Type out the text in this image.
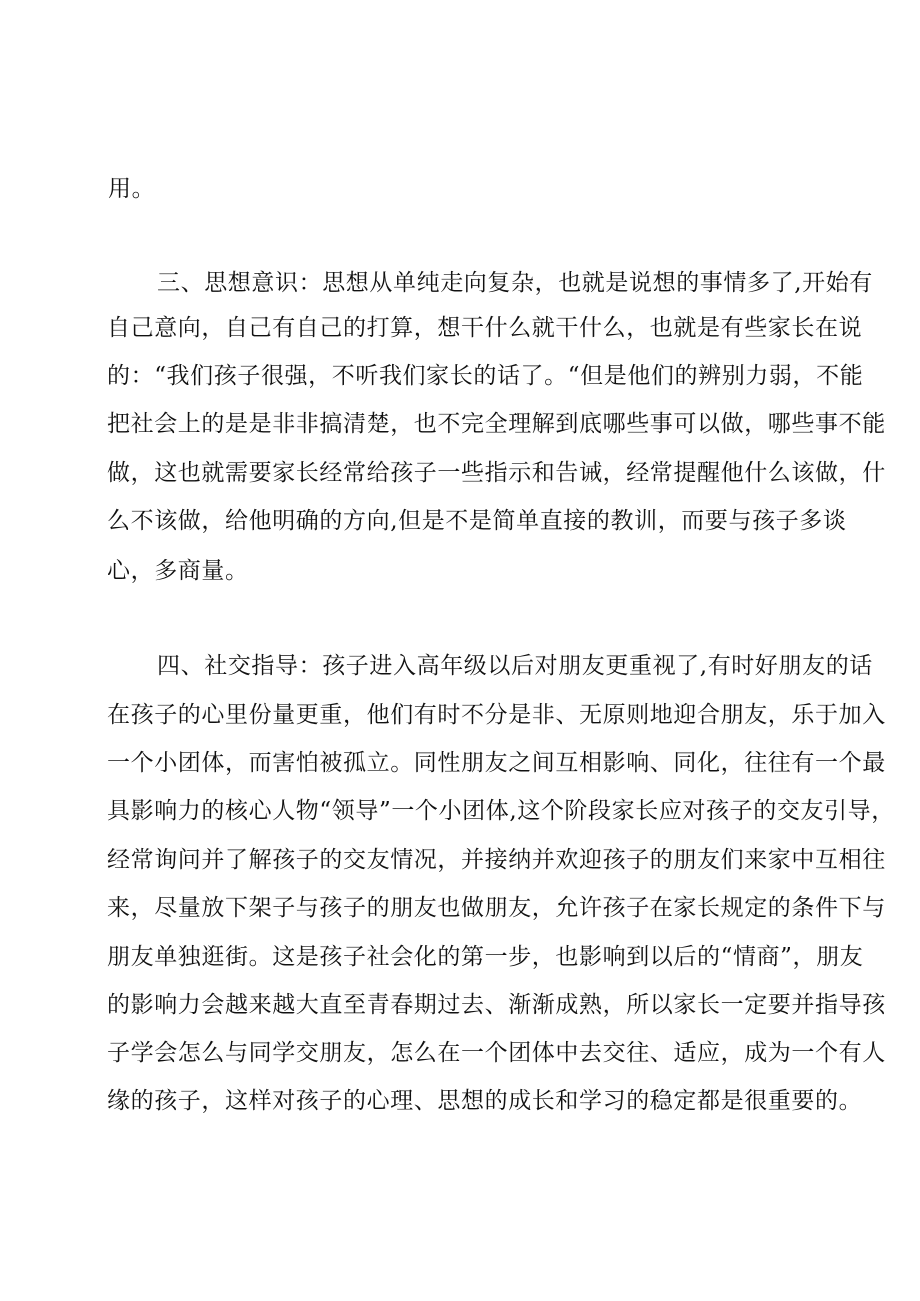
用。
三、思想意识：思想从单纯走向复杂，也就是说想的事情多了,开始有
自己意向，自己有自己的打算，想干什么就干什么，也就是有些家长在说
的：“我们孩子很强，不听我们家长的话了。“但是他们的辨别力弱，不能
把社会上的是是非非搞清楚，也不完全理解到底哪些事可以做，哪些事不能
做，这也就需要家长经常给孩子一些指示和告诫，经常提醒他什么该做，什
么不该做，给他明确的方向,但是不是简单直接的教训，而要与孩子多谈
心，多商量。
四、社交指导：孩子进入高年级以后对朋友更重视了,有时好朋友的话
在孩子的心里份量更重，他们有时不分是非、无原则地迎合朋友，乐于加入
一个小团体，而害怕被孤立。同性朋友之间互相影响、同化，往往有一个最
具影响力的核心人物“领导”一个小团体,这个阶段家长应对孩子的交友引导，
经常询问并了解孩子的交友情况，并接纳并欢迎孩子的朋友们来家中互相往
来，尽量放下架子与孩子的朋友也做朋友，允许孩子在家长规定的条件下与
朋友单独逛街。这是孩子社会化的第一步，也影响到以后的“情商”，朋友
的影响力会越来越大直至青春期过去、渐渐成熟，所以家长一定要并指导孩
子学会怎么与同学交朋友，怎么在一个团体中去交往、适应，成为一个有人
缘的孩子，这样对孩子的心理、思想的成长和学习的稳定都是很重要的。
